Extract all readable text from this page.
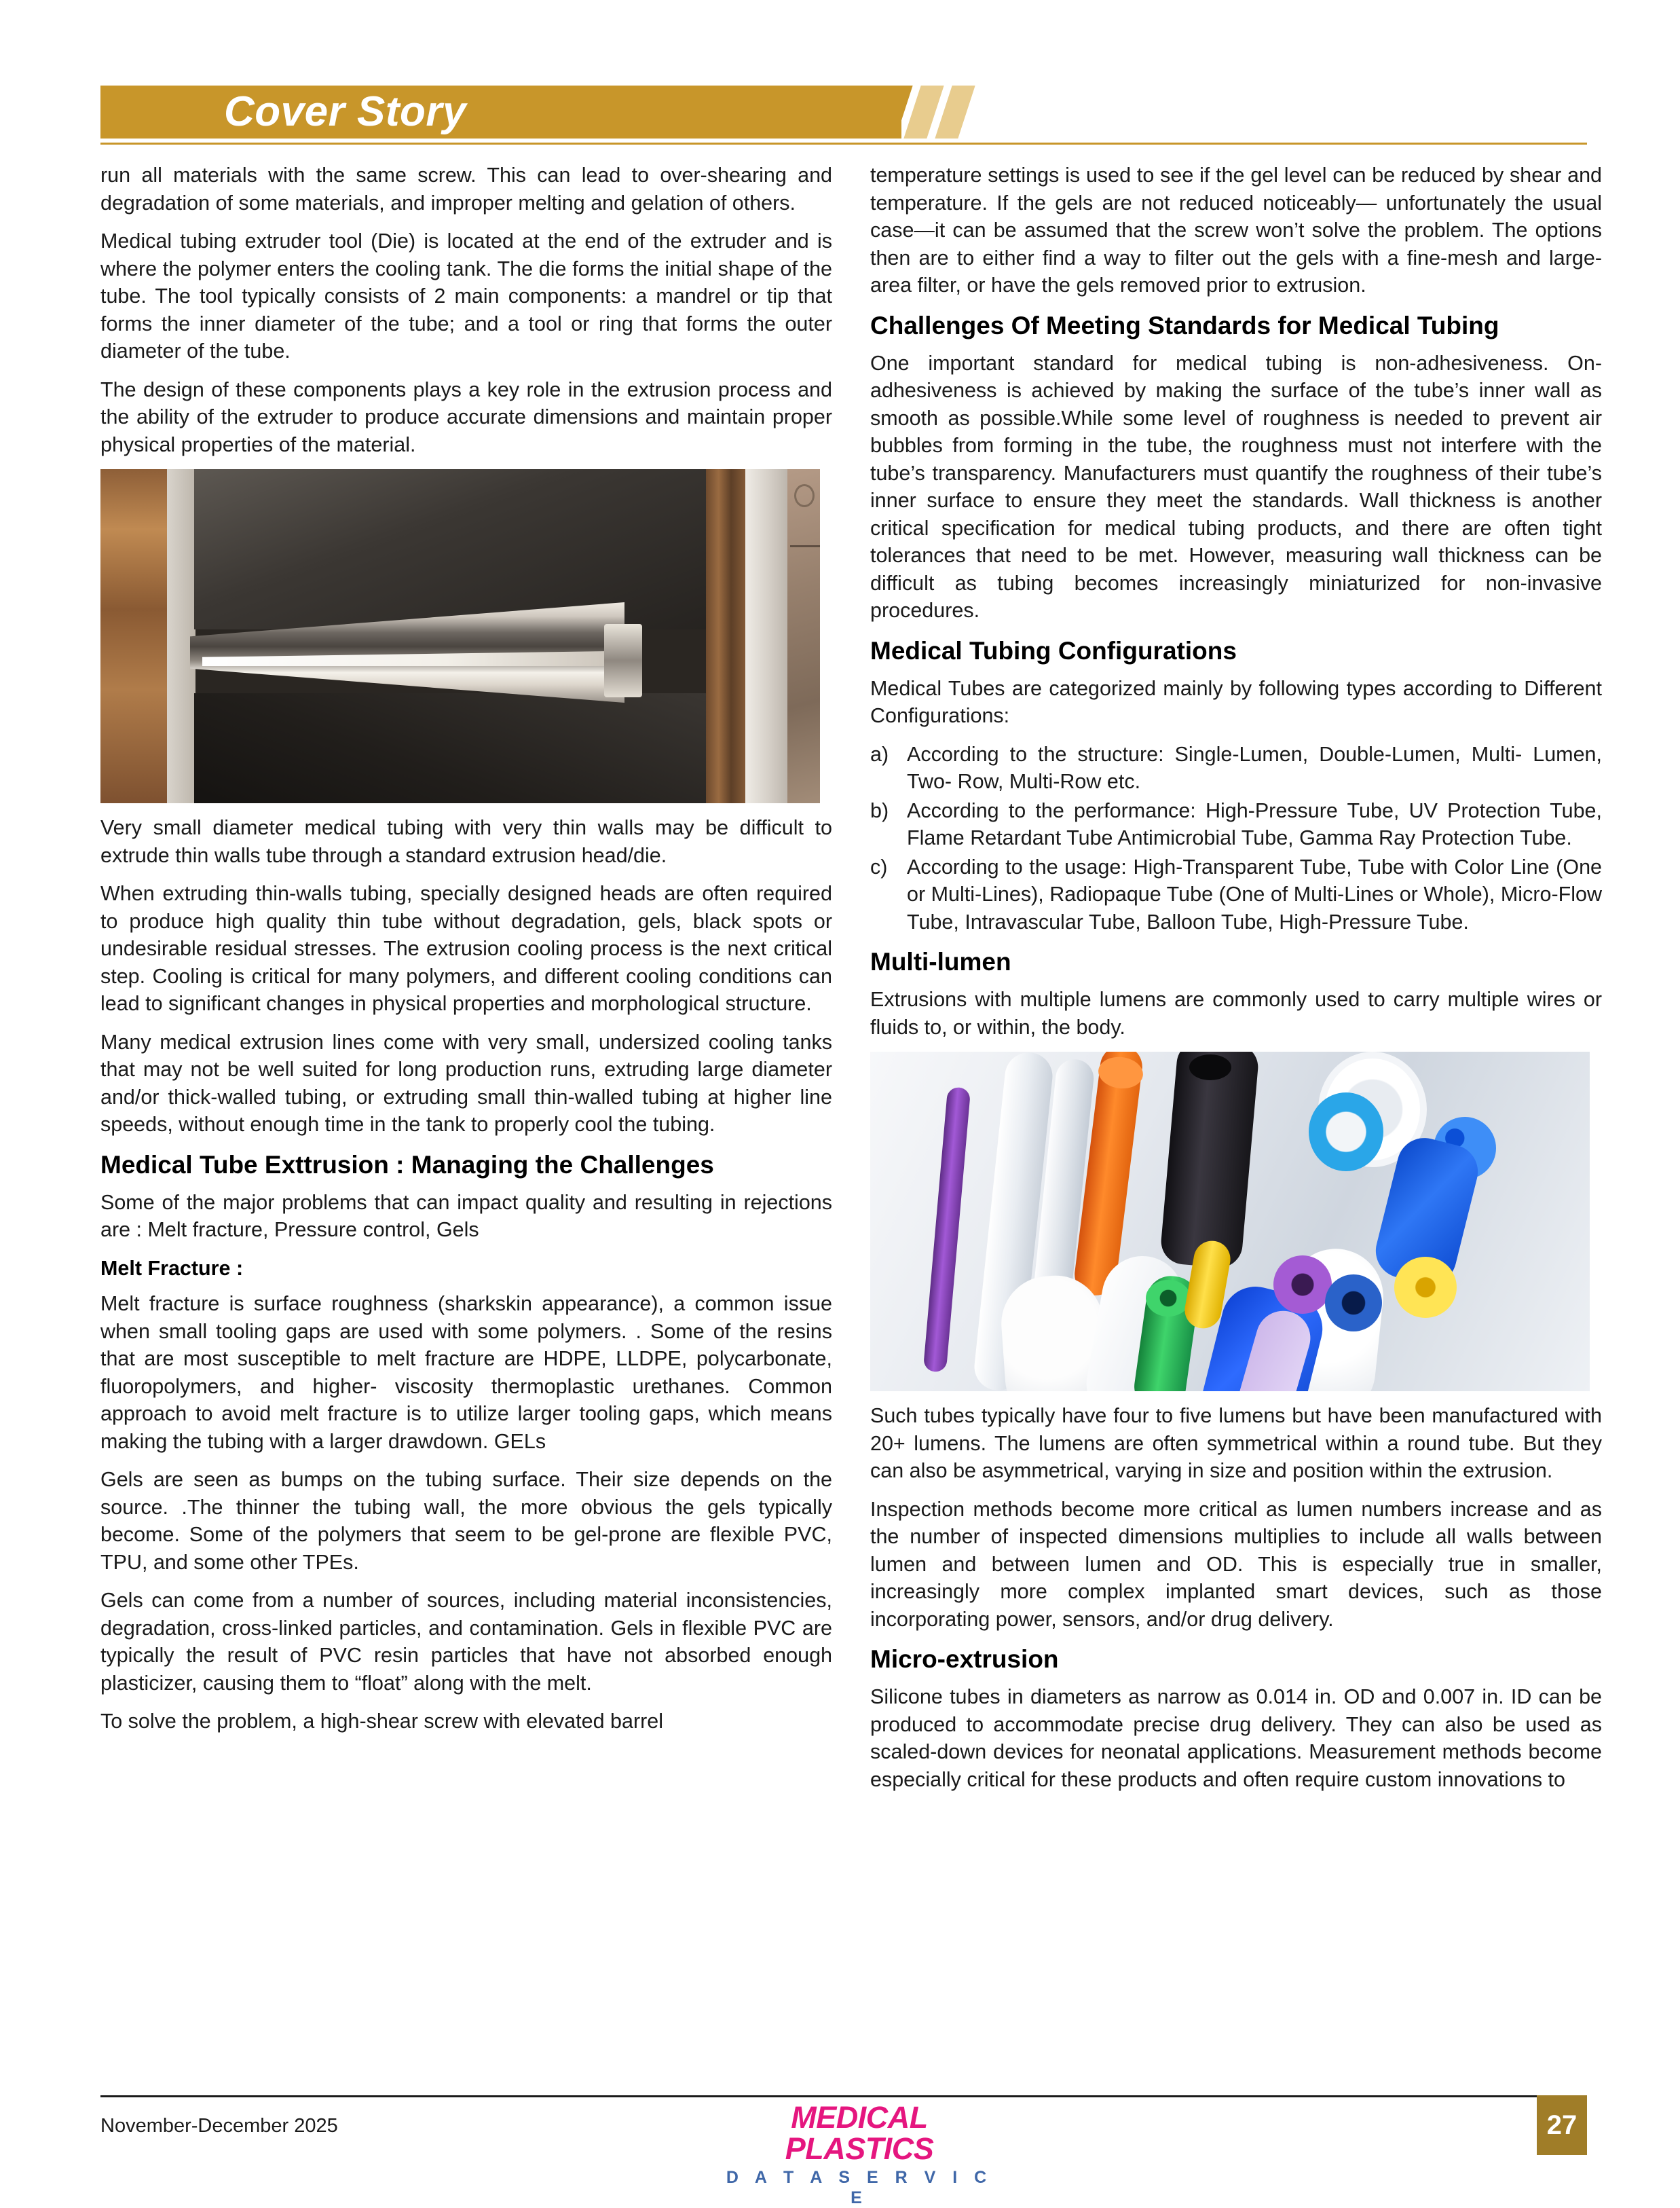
Cover Story

run all materials with the same screw. This can lead to over-shearing and degradation of some materials, and improper melting and gelation of others.

Medical tubing extruder tool (Die) is located at the end of the extruder and is where the polymer enters the cooling tank. The die forms the initial shape of the tube. The tool typically consists of 2 main components: a mandrel or tip that forms the inner diameter of the tube; and a tool or ring that forms the outer diameter of the tube.

The design of these components plays a key role in the extrusion process and the ability of the extruder to produce accurate dimensions and maintain proper physical properties of the material.

Very small diameter medical tubing with very thin walls may be difficult to extrude thin walls tube through a standard extrusion head/die.

When extruding thin-walls tubing, specially designed heads are often required to produce high quality thin tube without degradation, gels, black spots or undesirable residual stresses. The extrusion cooling process is the next critical step. Cooling is critical for many polymers, and different cooling conditions can lead to significant changes in physical properties and morphological structure.

Many medical extrusion lines come with very small, undersized cooling tanks that may not be well suited for long production runs, extruding large diameter and/or thick-walled tubing, or extruding small thin-walled tubing at higher line speeds, without enough time in the tank to properly cool the tubing.

Medical Tube Exttrusion : Managing the Challenges

Some of the major problems that can impact quality and resulting in rejections are : Melt fracture, Pressure control, Gels

Melt Fracture :

Melt fracture is surface roughness (sharkskin appearance), a common issue when small tooling gaps are used with some polymers. . Some of the resins that are most susceptible to melt fracture are HDPE, LLDPE, polycarbonate, fluoropolymers, and higher- viscosity thermoplastic urethanes. Common approach to avoid melt fracture is to utilize larger tooling gaps, which means making the tubing with a larger drawdown. GELs

Gels are seen as bumps on the tubing surface. Their size depends on the source. .The thinner the tubing wall, the more obvious the gels typically become. Some of the polymers that seem to be gel-prone are flexible PVC, TPU, and some other TPEs.

Gels can come from a number of sources, including material inconsistencies, degradation, cross-linked particles, and contamination. Gels in flexible PVC are typically the result of PVC resin particles that have not absorbed enough plasticizer, causing them to “float” along with the melt.

To solve the problem, a high-shear screw with elevated barrel

temperature settings is used to see if the gel level can be reduced by shear and temperature. If the gels are not reduced noticeably— unfortunately the usual case—it can be assumed that the screw won’t solve the problem. The options then are to either find a way to filter out the gels with a fine-mesh and large-area filter, or have the gels removed prior to extrusion.

Challenges Of Meeting Standards for Medical Tubing

One important standard for medical tubing is non-adhesiveness. On- adhesiveness is achieved by making the surface of the tube’s inner wall as smooth as possible.While some level of roughness is needed to prevent air bubbles from forming in the tube, the roughness must not interfere with the tube’s transparency. Manufacturers must quantify the roughness of their tube’s inner surface to ensure they meet the standards. Wall thickness is another critical specification for medical tubing products, and there are often tight tolerances that need to be met. However, measuring wall thickness can be difficult as tubing becomes increasingly miniaturized for non-invasive procedures.

Medical Tubing Configurations

Medical Tubes are categorized mainly by following types according to Different Configurations:

a) According to the structure: Single-Lumen, Double-Lumen, Multi- Lumen, Two- Row, Multi-Row etc.
b) According to the performance: High-Pressure Tube, UV Protection Tube, Flame Retardant Tube Antimicrobial Tube, Gamma Ray Protection Tube.
c) According to the usage: High-Transparent Tube, Tube with Color Line (One or Multi-Lines), Radiopaque Tube (One of Multi-Lines or Whole), Micro-Flow Tube, Intravascular Tube, Balloon Tube, High-Pressure Tube.
Multi-lumen

Extrusions with multiple lumens are commonly used to carry multiple wires or fluids to, or within, the body.

Such tubes typically have four to five lumens but have been manufactured with 20+ lumens. The lumens are often symmetrical within a round tube. But they can also be asymmetrical, varying in size and position within the extrusion.

Inspection methods become more critical as lumen numbers increase and as the number of inspected dimensions multiplies to include all walls between lumen and between lumen and OD. This is especially true in smaller, increasingly more complex implanted smart devices, such as those incorporating power, sensors, and/or drug delivery.

Micro-extrusion

Silicone tubes in diameters as narrow as 0.014 in. OD and 0.007 in. ID can be produced to accommodate precise drug delivery. They can also be used as scaled-down devices for neonatal applications. Measurement methods become especially critical for these products and often require custom innovations to

November-December 2025	MEDICAL PLASTICS
D A T A S E R V I C E
27
